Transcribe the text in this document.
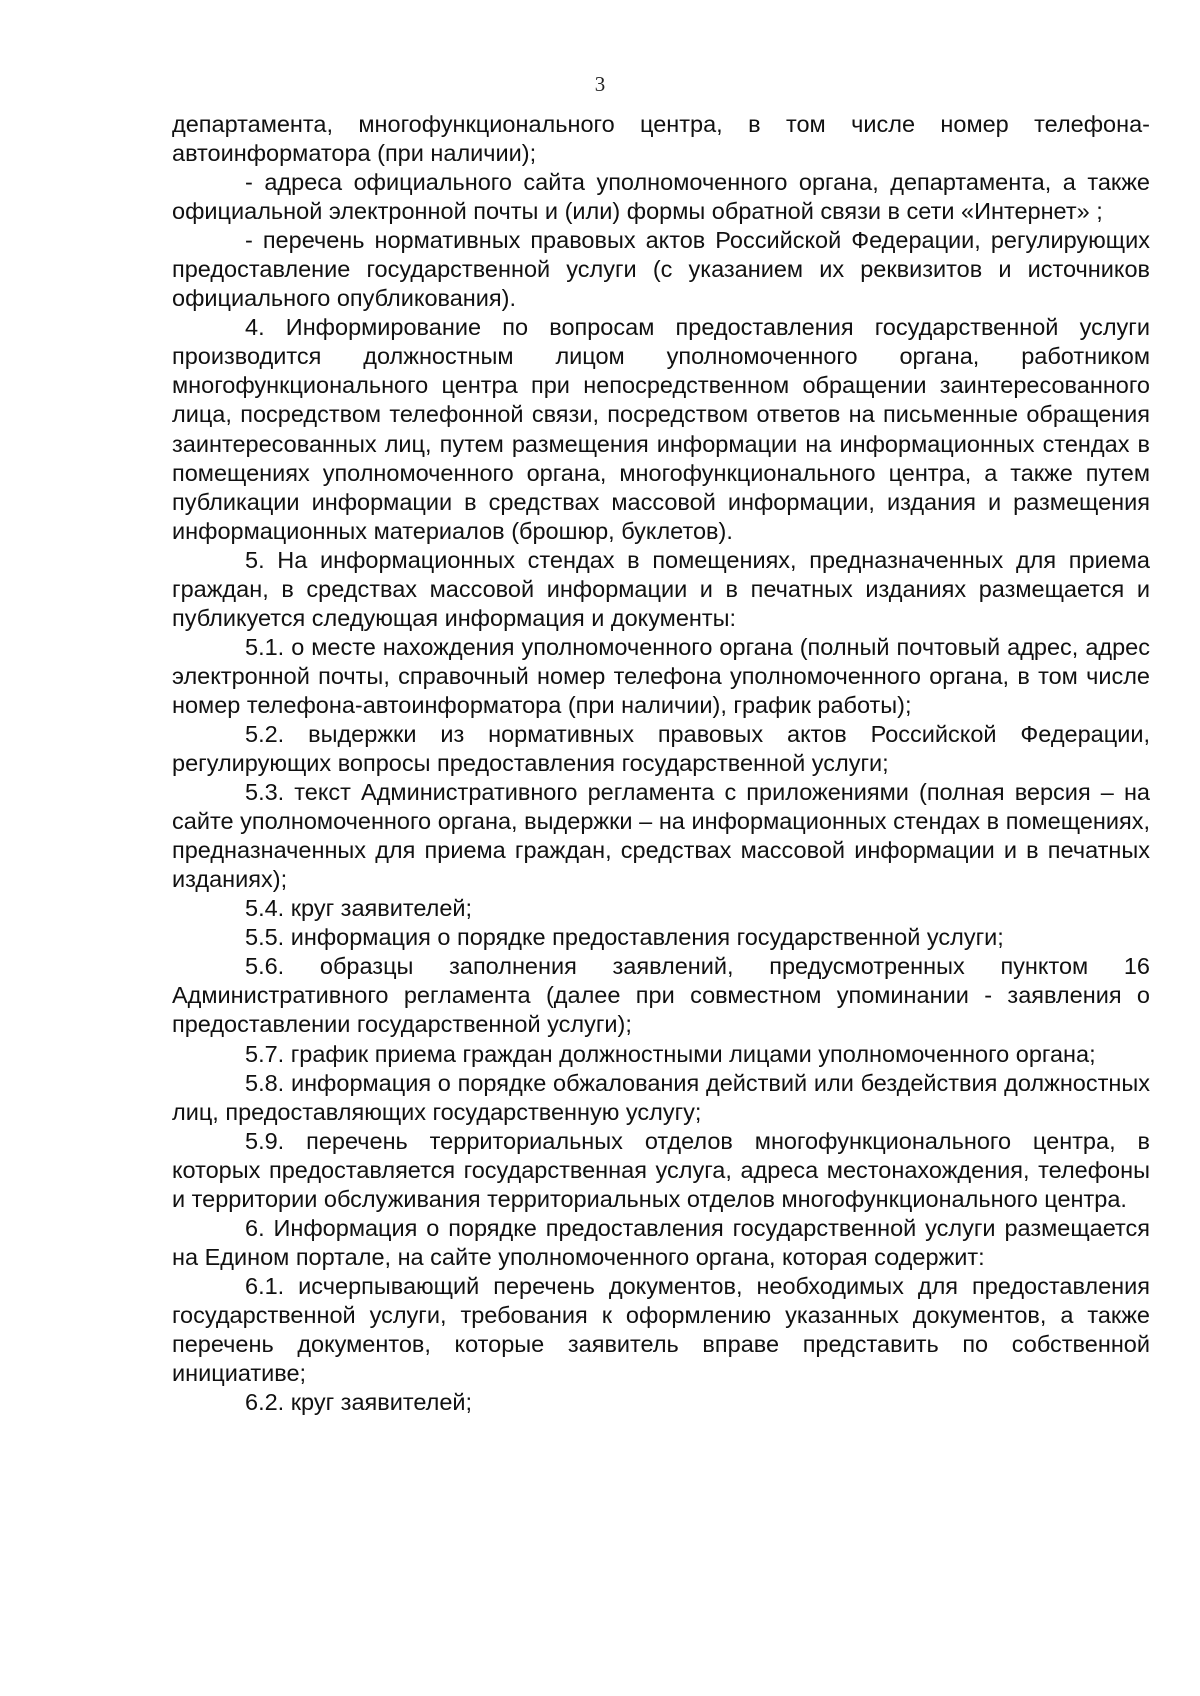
3

департамента, многофункционального центра, в том числе номер телефона-автоинформатора (при наличии);

- адреса официального сайта уполномоченного органа, департамента, а также официальной электронной почты и (или) формы обратной связи в сети «Интернет» ;

- перечень нормативных правовых актов Российской Федерации, регулирующих предоставление государственной услуги (с указанием их реквизитов и источников официального опубликования).

4. Информирование по вопросам предоставления государственной услуги производится должностным лицом уполномоченного органа, работником многофункционального центра при непосредственном обращении заинтересованного лица, посредством телефонной связи, посредством ответов на письменные обращения заинтересованных лиц, путем размещения информации на информационных стендах в помещениях уполномоченного органа, многофункционального центра, а также путем публикации информации в средствах массовой информации, издания и размещения информационных материалов (брошюр, буклетов).

5. На информационных стендах в помещениях, предназначенных для приема граждан, в средствах массовой информации и в печатных изданиях размещается и публикуется следующая информация и документы:

5.1. о месте нахождения уполномоченного органа (полный почтовый адрес, адрес электронной почты, справочный номер телефона уполномоченного органа, в том числе номер телефона-автоинформатора (при наличии), график работы);

5.2. выдержки из нормативных правовых актов Российской Федерации, регулирующих вопросы предоставления государственной услуги;

5.3. текст Административного регламента с приложениями (полная версия – на сайте уполномоченного органа, выдержки – на информационных стендах в помещениях, предназначенных для приема граждан, средствах массовой информации и в печатных изданиях);

5.4. круг заявителей;

5.5. информация о порядке предоставления государственной услуги;

5.6. образцы заполнения заявлений, предусмотренных пунктом 16 Административного регламента (далее при совместном упоминании - заявления о предоставлении государственной услуги);

5.7. график приема граждан должностными лицами уполномоченного органа;

5.8. информация о порядке обжалования действий или бездействия должностных лиц, предоставляющих государственную услугу;

5.9. перечень территориальных отделов многофункционального центра, в которых предоставляется государственная услуга, адреса местонахождения, телефоны и территории обслуживания территориальных отделов многофункционального центра.

6. Информация о порядке предоставления государственной услуги размещается на Едином портале, на сайте уполномоченного органа, которая содержит:

6.1. исчерпывающий перечень документов, необходимых для предоставления государственной услуги, требования к оформлению указанных документов, а также перечень документов, которые заявитель вправе представить по собственной инициативе;

6.2. круг заявителей;
